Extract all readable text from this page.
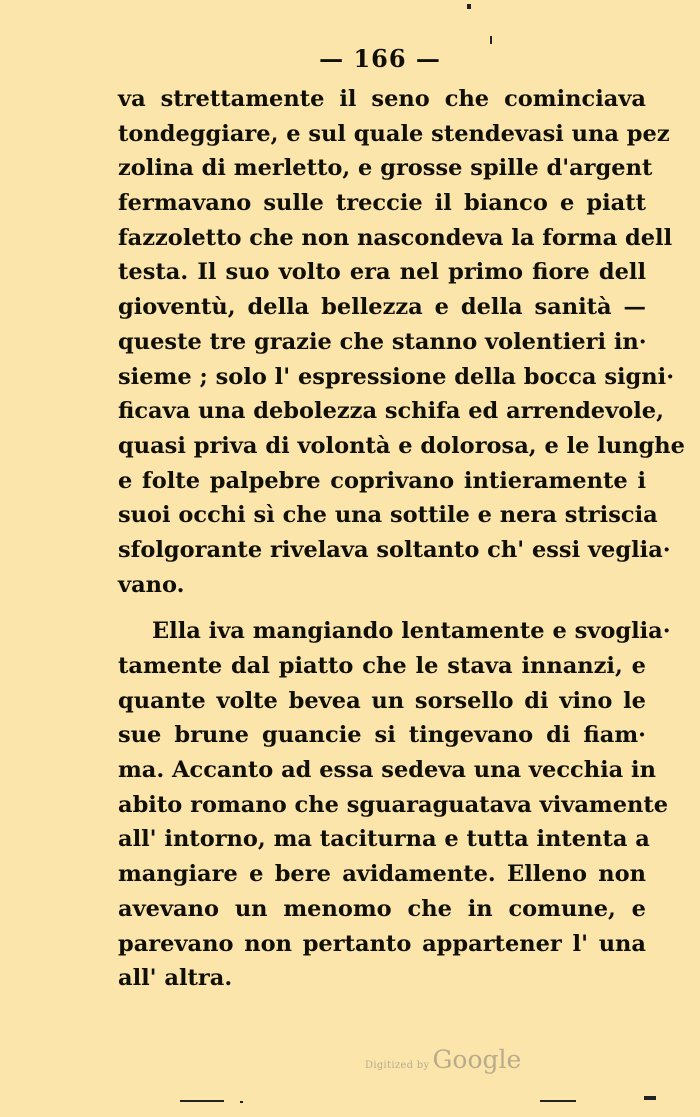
— 166 —
va strettamente il seno che cominciava
tondeggiare, e sul quale stendevasi una pez
zolina di merletto, e grosse spille d'argent
fermavano sulle treccie il bianco e piatt
fazzoletto che non nascondeva la forma dell
testa. Il suo volto era nel primo fiore dell
gioventù, della bellezza e della sanità —
queste tre grazie che stanno volentieri in·
sieme ; solo l' espressione della bocca signi·
ficava una debolezza schifa ed arrendevole,
quasi priva di volontà e dolorosa, e le lunghe
e folte palpebre coprivano intieramente i
suoi occhi sì che una sottile e nera striscia
sfolgorante rivelava soltanto ch' essi veglia·
vano.
Ella iva mangiando lentamente e svoglia·
tamente dal piatto che le stava innanzi, e
quante volte bevea un sorsello di vino le
sue brune guancie si tingevano di fiam·
ma. Accanto ad essa sedeva una vecchia in
abito romano che sguaraguatava vivamente
all' intorno, ma taciturna e tutta intenta a
mangiare e bere avidamente. Elleno non
avevano un menomo che in comune, e
parevano non pertanto appartener l' una
all' altra.
Digitized by Google
